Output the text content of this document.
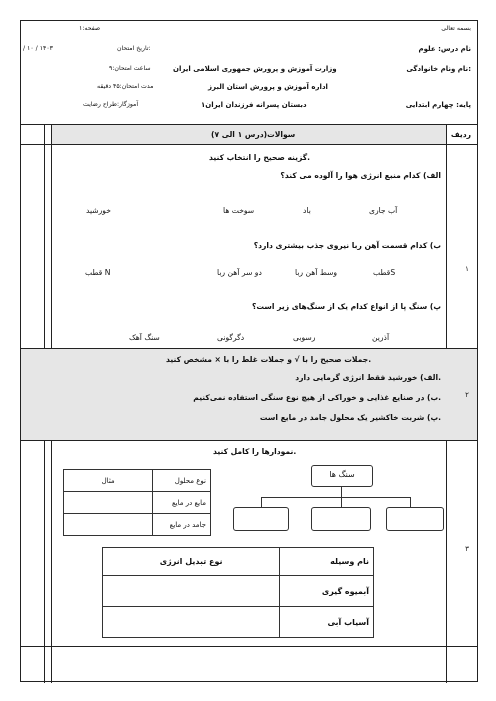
بسمه تعالی
صفحه:۱
نام درس: علوم
تاریخ امتحان:
/ ۱۰ / ۱۴۰۳
وزارت آموزش و پرورش جمهوری اسلامی ایران	نام ونام خانوادگی:
ساعت امتحان:۹
اداره آموزش و پرورش استان البرز
مدت امتحان:۴۵ دقیقه
پایه: چهارم ابتدایی
دبستان پسرانه فرزندان ایران۱
آموزگار:طراح رضایت
سوالات(درس ۱ الی ۷)	ردیف
گزینه صحیح را انتخاب کنید.
الف) کدام منبع انرژی هوا را آلوده می کند؟
آب جاری
باد
سوخت ها
خورشید
ب) کدام قسمت آهن ربا نیروی جذب بیشتری دارد؟
قطبS
وسط آهن ربا
دو سر آهن ربا
قطب N
پ) سنگ پا از انواع کدام یک از سنگ‌های زیر است؟
آذرین
رسوبی
دگرگونی
سنگ آهک
۱
جملات صحیح را با √ و جملات غلط را با × مشخص کنید.
الف) خورشید فقط انرژی گرمایی دارد.
ب) در صنایع غذایی و خوراکی از هیچ نوع سنگی استفاده نمی‌کنیم.
پ) شربت خاکشیر یک محلول جامد در مایع است.
۲
نمودارها را کامل کنید.
سنگ ها
مثال	نوع محلول
	مایع در مایع
	جامد در مایع
نوع تبدیل انرژی	نام وسیله
	آبمیوه گیری
	آسیاب آبی
۳
